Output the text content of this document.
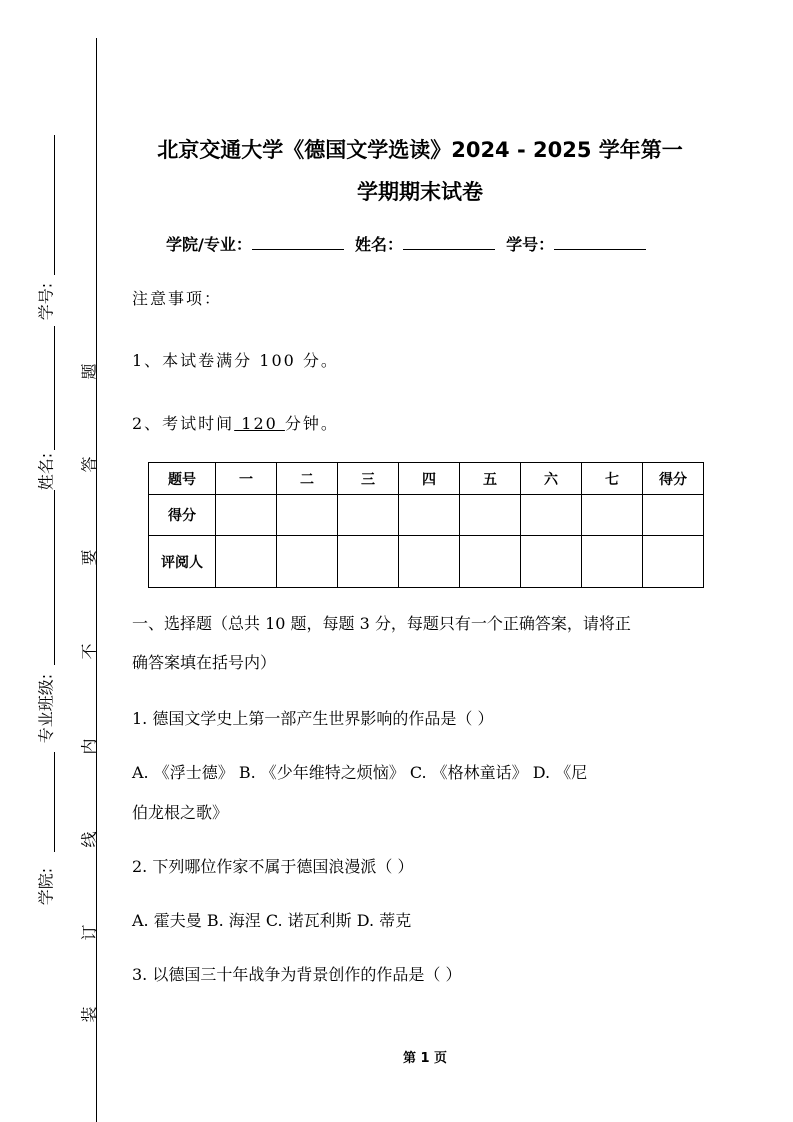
学号:
姓名:
专业班级:
学院:
题
答
要
不
内
线
订
装
北京交通大学《德国文学选读》2024 - 2025 学年第一
学期期末试卷
学院/专业：	姓名：	学号：
注意事项：
1、本试卷满分 100 分。
2、考试时间 120 分钟。
题号	一	二	三	四	五	六	七	得分
得分								
评阅人								
一、选择题（总共 10 题，每题 3 分，每题只有一个正确答案，请将正
确答案填在括号内）
1. 德国文学史上第一部产生世界影响的作品是（ ）
A. 《浮士德》 B. 《少年维特之烦恼》 C. 《格林童话》 D. 《尼
伯龙根之歌》
2. 下列哪位作家不属于德国浪漫派（ ）
A. 霍夫曼 B. 海涅 C. 诺瓦利斯 D. 蒂克
3. 以德国三十年战争为背景创作的作品是（ ）
第 1 页
